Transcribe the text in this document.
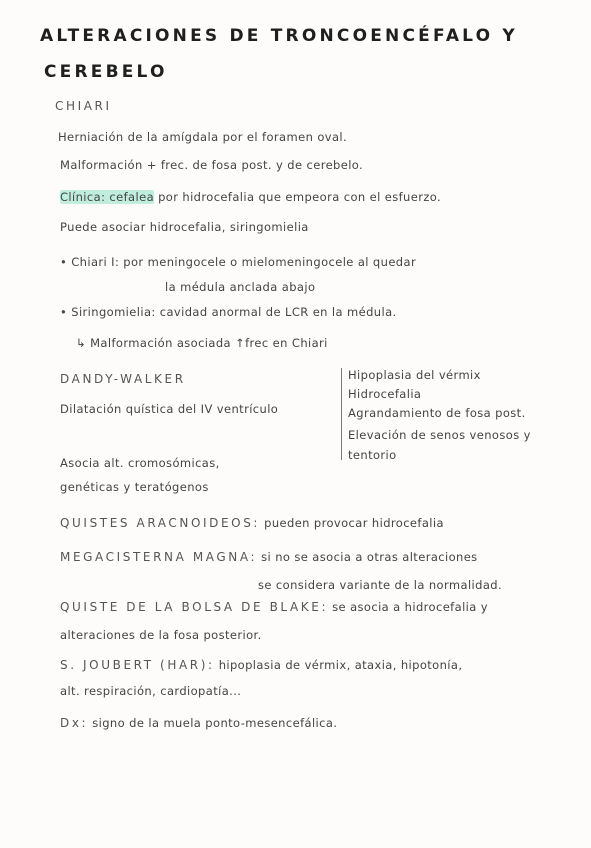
ALTERACIONES DE TRONCOENCÉFALO Y
CEREBELO
CHIARI
Herniación de la amígdala por el foramen oval.
Malformación + frec. de fosa post. y de cerebelo.
Clínica: cefalea por hidrocefalia que empeora con el esfuerzo.
Puede asociar hidrocefalia, siringomielia
• Chiari I: por meningocele o mielomeningocele al quedar
la médula anclada abajo
• Siringomielia: cavidad anormal de LCR en la médula.
↳ Malformación asociada ↑frec en Chiari
DANDY-WALKER
Dilatación quística del IV ventrículo
Hipoplasia del vérmix
Hidrocefalia
Agrandamiento de fosa post.
Elevación de senos venosos y
tentorio
Asocia alt. cromosómicas,
genéticas y teratógenos
QUISTES ARACNOIDEOS: pueden provocar hidrocefalia
MEGACISTERNA MAGNA: si no se asocia a otras alteraciones
se considera variante de la normalidad.
QUISTE DE LA BOLSA DE BLAKE: se asocia a hidrocefalia y
alteraciones de la fosa posterior.
S. JOUBERT (HAR): hipoplasia de vérmix, ataxia, hipotonía,
alt. respiración, cardiopatía...
Dx: signo de la muela ponto-mesencefálica.
